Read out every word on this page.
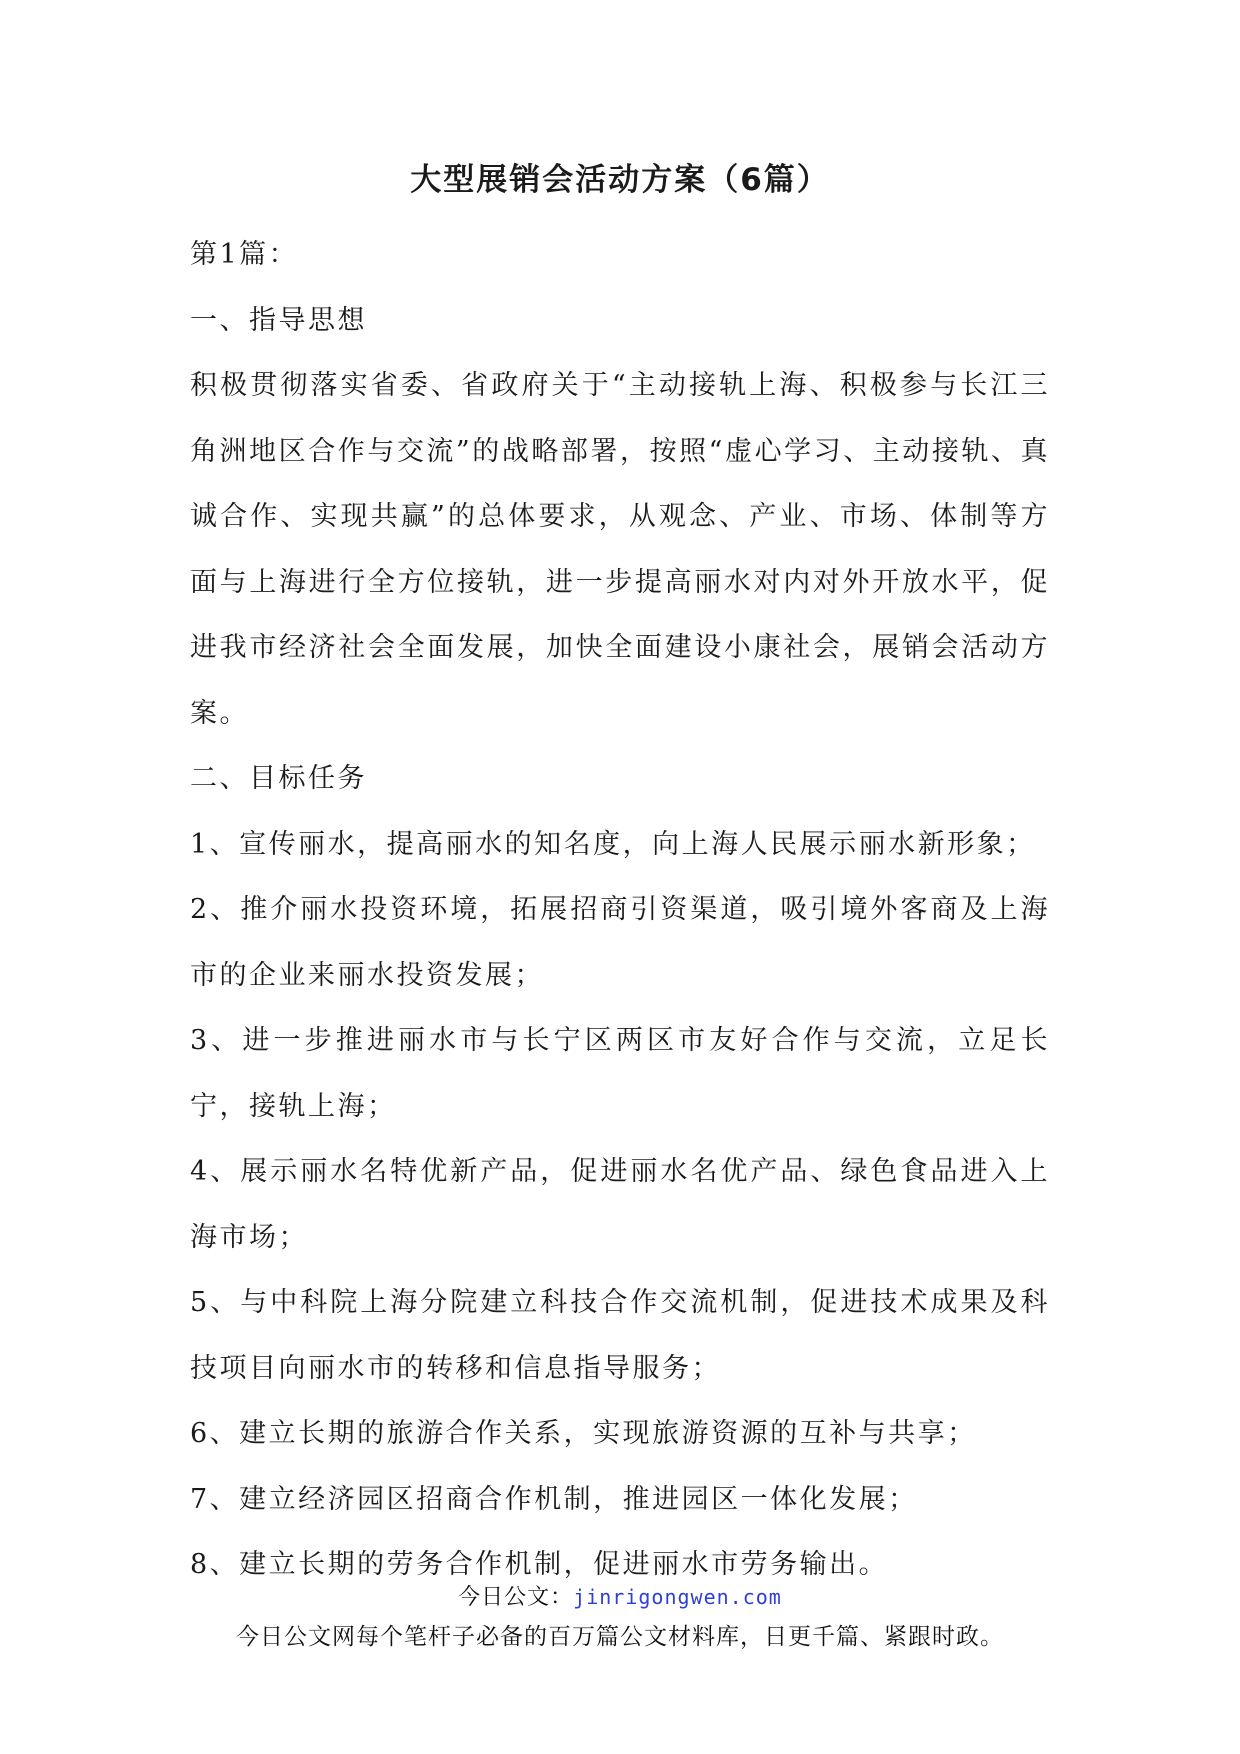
大型展销会活动方案（6篇）

第1篇：

一、指导思想

积极贯彻落实省委、省政府关于“主动接轨上海、积极参与长江三角洲地区合作与交流”的战略部署，按照“虚心学习、主动接轨、真诚合作、实现共赢”的总体要求，从观念、产业、市场、体制等方面与上海进行全方位接轨，进一步提高丽水对内对外开放水平，促进我市经济社会全面发展，加快全面建设小康社会，展销会活动方案。

二、目标任务

1、宣传丽水，提高丽水的知名度，向上海人民展示丽水新形象；

2、推介丽水投资环境，拓展招商引资渠道，吸引境外客商及上海市的企业来丽水投资发展；

3、进一步推进丽水市与长宁区两区市友好合作与交流，立足长宁，接轨上海；

4、展示丽水名特优新产品，促进丽水名优产品、绿色食品进入上海市场；

5、与中科院上海分院建立科技合作交流机制，促进技术成果及科技项目向丽水市的转移和信息指导服务；

6、建立长期的旅游合作关系，实现旅游资源的互补与共享；

7、建立经济园区招商合作机制，推进园区一体化发展；

8、建立长期的劳务合作机制，促进丽水市劳务输出。

今日公文：jinrigongwen.com
今日公文网每个笔杆子必备的百万篇公文材料库，日更千篇、紧跟时政。
